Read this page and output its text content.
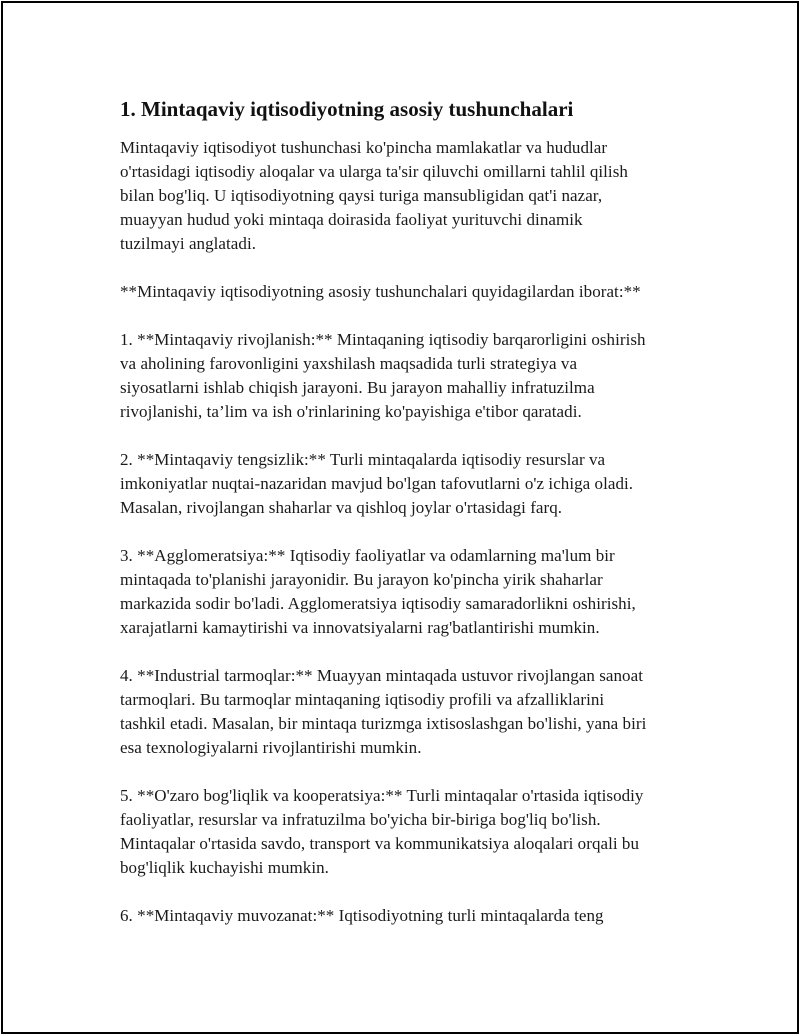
1. Mintaqaviy iqtisodiyotning asosiy tushunchalari
Mintaqaviy iqtisodiyot tushunchasi ko'pincha mamlakatlar va hududlar
o'rtasidagi iqtisodiy aloqalar va ularga ta'sir qiluvchi omillarni tahlil qilish
bilan bog'liq. U iqtisodiyotning qaysi turiga mansubligidan qat'i nazar,
muayyan hudud yoki mintaqa doirasida faoliyat yurituvchi dinamik
tuzilmayi anglatadi.
**Mintaqaviy iqtisodiyotning asosiy tushunchalari quyidagilardan iborat:**
1. **Mintaqaviy rivojlanish:** Mintaqaning iqtisodiy barqarorligini oshirish
va aholining farovonligini yaxshilash maqsadida turli strategiya va
siyosatlarni ishlab chiqish jarayoni. Bu jarayon mahalliy infratuzilma
rivojlanishi, ta’lim va ish o'rinlarining ko'payishiga e'tibor qaratadi.
2. **Mintaqaviy tengsizlik:** Turli mintaqalarda iqtisodiy resurslar va
imkoniyatlar nuqtai-nazaridan mavjud bo'lgan tafovutlarni o'z ichiga oladi.
Masalan, rivojlangan shaharlar va qishloq joylar o'rtasidagi farq.
3. **Agglomeratsiya:** Iqtisodiy faoliyatlar va odamlarning ma'lum bir
mintaqada to'planishi jarayonidir. Bu jarayon ko'pincha yirik shaharlar
markazida sodir bo'ladi. Agglomeratsiya iqtisodiy samaradorlikni oshirishi,
xarajatlarni kamaytirishi va innovatsiyalarni rag'batlantirishi mumkin.
4. **Industrial tarmoqlar:** Muayyan mintaqada ustuvor rivojlangan sanoat
tarmoqlari. Bu tarmoqlar mintaqaning iqtisodiy profili va afzalliklarini
tashkil etadi. Masalan, bir mintaqa turizmga ixtisoslashgan bo'lishi, yana biri
esa texnologiyalarni rivojlantirishi mumkin.
5. **O'zaro bog'liqlik va kooperatsiya:** Turli mintaqalar o'rtasida iqtisodiy
faoliyatlar, resurslar va infratuzilma bo'yicha bir-biriga bog'liq bo'lish.
Mintaqalar o'rtasida savdo, transport va kommunikatsiya aloqalari orqali bu
bog'liqlik kuchayishi mumkin.
6. **Mintaqaviy muvozanat:** Iqtisodiyotning turli mintaqalarda teng
